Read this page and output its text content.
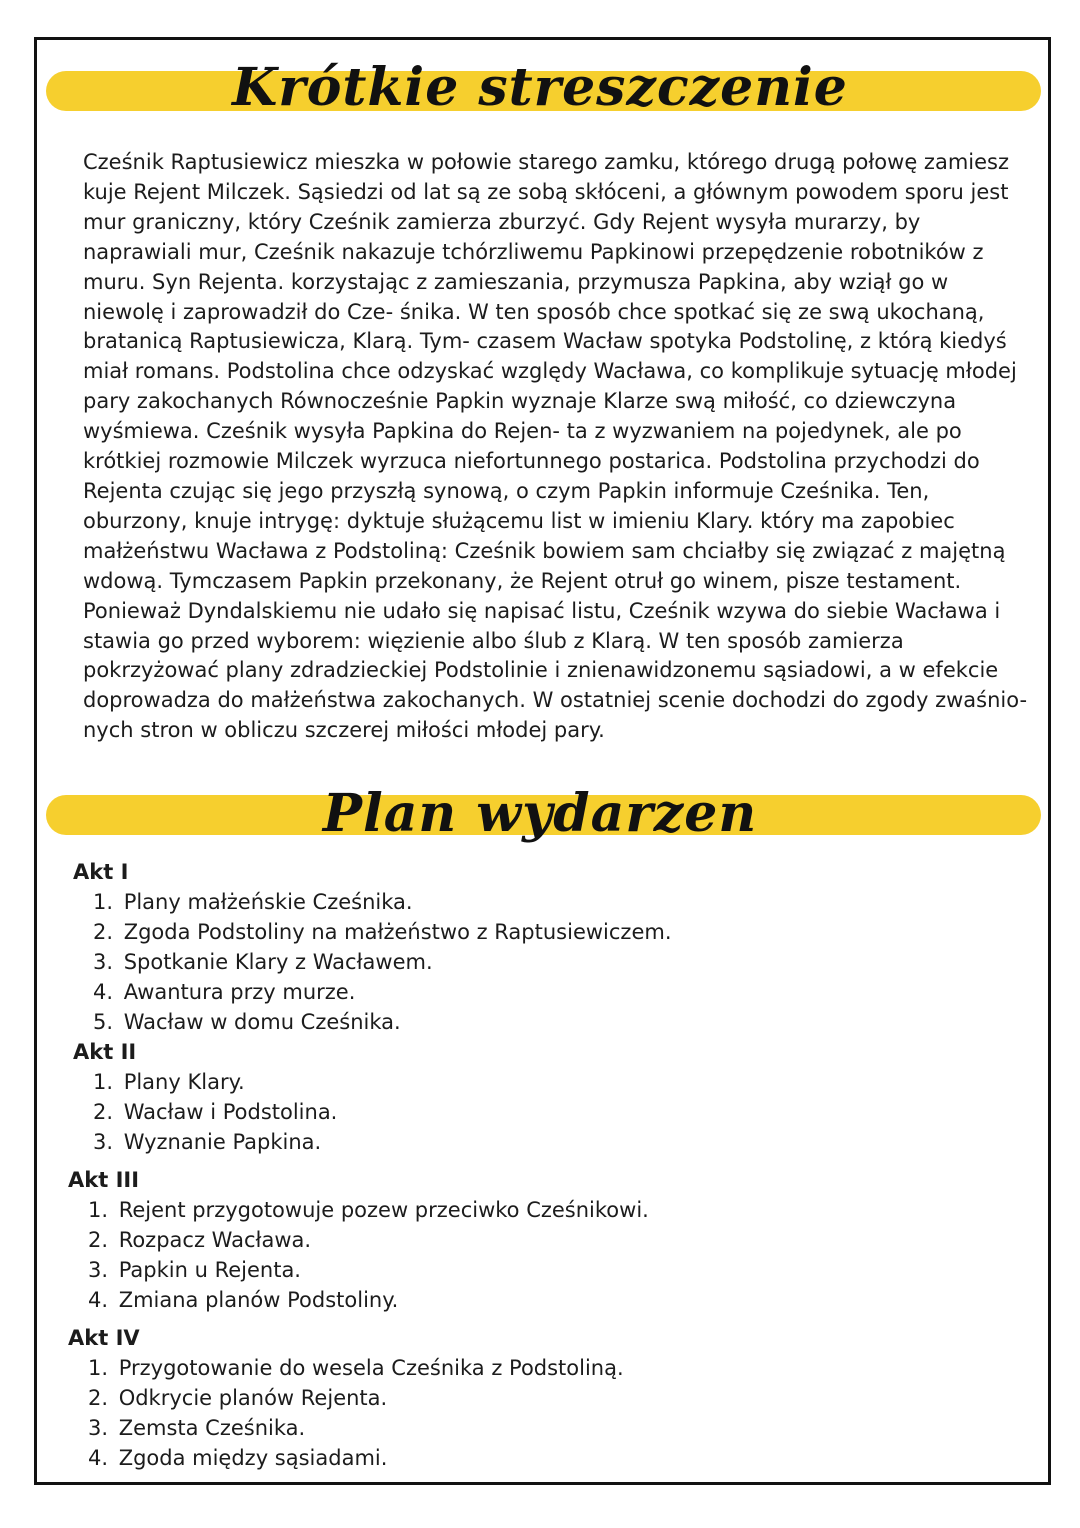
Krótkie streszczenie

Cześnik Raptusiewicz mieszka w połowie starego zamku, którego drugą połowę zamiesz kuje Rejent Milczek. Sąsiedzi od lat są ze sobą skłóceni, a głównym powodem sporu jest mur graniczny, który Cześnik zamierza zburzyć. Gdy Rejent wysyła murarzy, by naprawiali mur, Cześnik nakazuje tchórzliwemu Papkinowi przepędzenie robotników z muru. Syn Rejenta. korzystając z zamieszania, przymusza Papkina, aby wziął go w niewolę i zaprowadził do Cze- śnika. W ten sposób chce spotkać się ze swą ukochaną, bratanicą Raptusiewicza, Klarą. Tym- czasem Wacław spotyka Podstolinę, z którą kiedyś miał romans. Podstolina chce odzyskać względy Wacława, co komplikuje sytuację młodej pary zakochanych Równocześnie Papkin wyznaje Klarze swą miłość, co dziewczyna wyśmiewa. Cześnik wysyła Papkina do Rejen- ta z wyzwaniem na pojedynek, ale po krótkiej rozmowie Milczek wyrzuca niefortunnego postarica. Podstolina przychodzi do Rejenta czując się jego przyszłą synową, o czym Papkin informuje Cześnika. Ten, oburzony, knuje intrygę: dyktuje służącemu list w imieniu Klary. który ma zapobiec małżeństwu Wacława z Podstoliną: Cześnik bowiem sam chciałby się związać z majętną wdową. Tymczasem Papkin przekonany, że Rejent otruł go winem, pisze testament. Ponieważ Dyndalskiemu nie udało się napisać listu, Cześnik wzywa do siebie Wacława i stawia go przed wyborem: więzienie albo ślub z Klarą. W ten sposób zamierza pokrzyżować plany zdradzieckiej Podstolinie i znienawidzonemu sąsiadowi, a w efekcie doprowadza do małżeństwa zakochanych. W ostatniej scenie dochodzi do zgody zwaśnio- nych stron w obliczu szczerej miłości młodej pary.

Plan wydarzen

Akt I

1. Plany małżeńskie Cześnika.
2. Zgoda Podstoliny na małżeństwo z Raptusiewiczem.
3. Spotkanie Klary z Wacławem.
4. Awantura przy murze.
5. Wacław w domu Cześnika.

Akt II

1. Plany Klary.
2. Wacław i Podstolina.
3. Wyznanie Papkina.

Akt III

1. Rejent przygotowuje pozew przeciwko Cześnikowi.
2. Rozpacz Wacława.
3. Papkin u Rejenta.
4. Zmiana planów Podstoliny.

Akt IV

1. Przygotowanie do wesela Cześnika z Podstoliną.
2. Odkrycie planów Rejenta.
3. Zemsta Cześnika.
4. Zgoda między sąsiadami.
